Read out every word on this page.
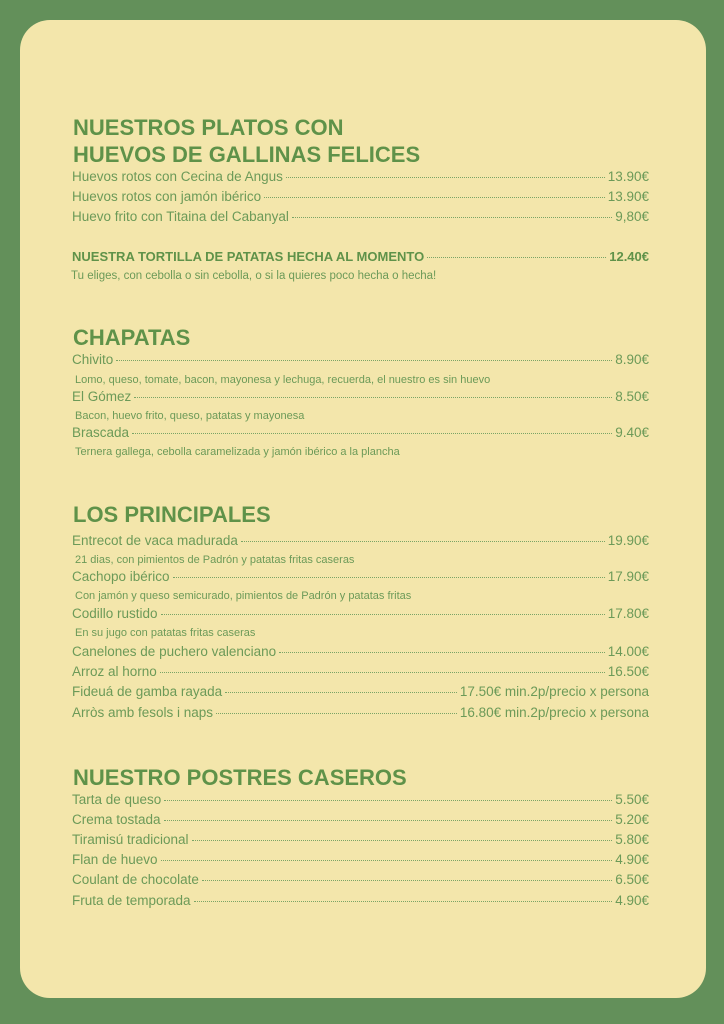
NUESTROS PLATOS CON
HUEVOS DE GALLINAS FELICES
Huevos rotos con Cecina de Angus	13.90€
Huevos rotos con jamón ibérico	13.90€
Huevo frito con Titaina del Cabanyal	9,80€
NUESTRA TORTILLA DE PATATAS HECHA AL MOMENTO	12.40€
Tu eliges, con cebolla o sin cebolla, o si la quieres poco hecha o hecha!
CHAPATAS
Chivito	8.90€
Lomo, queso, tomate, bacon, mayonesa y lechuga, recuerda, el nuestro es sin huevo
El Gómez	8.50€
Bacon, huevo frito, queso, patatas y mayonesa
Brascada	9.40€
Ternera gallega, cebolla caramelizada y jamón ibérico a la plancha
LOS PRINCIPALES
Entrecot de vaca madurada	19.90€
21 dias, con pimientos de Padrón y patatas fritas caseras
Cachopo ibérico	17.90€
Con jamón y queso semicurado, pimientos de Padrón y patatas fritas
Codillo rustido	17.80€
En su jugo con patatas fritas caseras
Canelones de puchero valenciano	14.00€
Arroz al horno	16.50€
Fideuá de gamba rayada	17.50€ min.2p/precio x persona
Arròs amb fesols i naps	16.80€ min.2p/precio x persona
NUESTRO POSTRES CASEROS
Tarta de queso	5.50€
Crema tostada	5.20€
Tiramisú tradicional	5.80€
Flan de huevo	4.90€
Coulant de chocolate	6.50€
Fruta de temporada	4.90€
